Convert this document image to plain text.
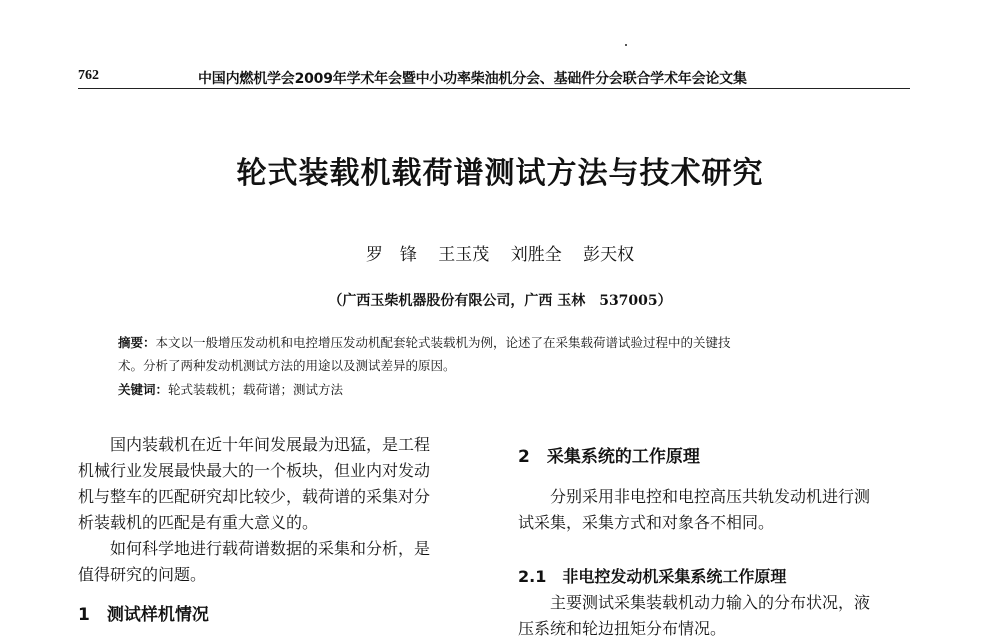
762	中国内燃机学会2009年学术年会暨中小功率柴油机分会、基础件分会联合学术年会论文集
轮式装载机载荷谱测试方法与技术研究
罗　锋 王玉茂 刘胜全 彭天权
（广西玉柴机器股份有限公司，广西 玉林　537005）
摘要：本文以一般增压发动机和电控增压发动机配套轮式装载机为例，论述了在采集载荷谱试验过程中的关键技
术。分析了两种发动机测试方法的用途以及测试差异的原因。
关键词：轮式装载机；载荷谱；测试方法
　　国内装载机在近十年间发展最为迅猛，是工程
机械行业发展最快最大的一个板块，但业内对发动
机与整车的匹配研究却比较少，载荷谱的采集对分
析装载机的匹配是有重大意义的。
　　如何科学地进行载荷谱数据的采集和分析，是
值得研究的问题。
1　测试样机情况
2　采集系统的工作原理
　　分别采用非电控和电控高压共轨发动机进行测
试采集，采集方式和对象各不相同。
2.1　非电控发动机采集系统工作原理
　　主要测试采集装载机动力输入的分布状况，液
压系统和轮边扭矩分布情况。
